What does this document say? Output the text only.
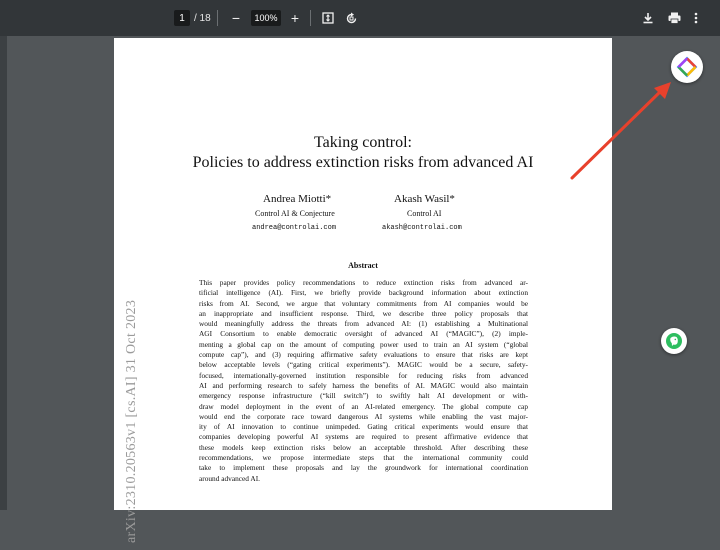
1 / 18 −	100% +
arXiv:2310.20563v1 [cs.AI] 31 Oct 2023
Taking control:
Policies to address extinction risks from advanced AI
Andrea Miotti*
Control AI & Conjecture
andrea@controlai.com
Akash Wasil*
Control AI
akash@controlai.com
Abstract
This paper provides policy recommendations to reduce extinction risks from advanced ar-
tificial intelligence (AI). First, we briefly provide background information about extinction
risks from AI. Second, we argue that voluntary commitments from AI companies would be
an inappropriate and insufficient response. Third, we describe three policy proposals that
would meaningfully address the threats from advanced AI: (1) establishing a Multinational
AGI Consortium to enable democratic oversight of advanced AI (“MAGIC”), (2) imple-
menting a global cap on the amount of computing power used to train an AI system (“global
compute cap”), and (3) requiring affirmative safety evaluations to ensure that risks are kept
below acceptable levels (“gating critical experiments”). MAGIC would be a secure, safety-
focused, internationally-governed institution responsible for reducing risks from advanced
AI and performing research to safely harness the benefits of AI. MAGIC would also maintain
emergency response infrastructure (“kill switch”) to swiftly halt AI development or with-
draw model deployment in the event of an AI-related emergency. The global compute cap
would end the corporate race toward dangerous AI systems while enabling the vast major-
ity of AI innovation to continue unimpeded. Gating critical experiments would ensure that
companies developing powerful AI systems are required to present affirmative evidence that
these models keep extinction risks below an acceptable threshold. After describing these
recommendations, we propose intermediate steps that the international community could
take to implement these proposals and lay the groundwork for international coordination
around advanced AI.
